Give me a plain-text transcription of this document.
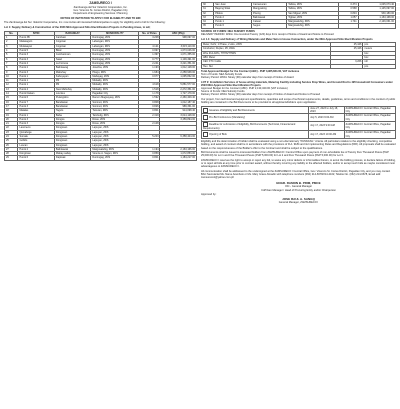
ZAMSURECO I
Zamboanga del Sur I Electric Cooperative, Inc.
Gov. Vicencio St. Cortes District, Pagadian City
Department of Engineering Services / Planning
NOTICE OF INVITATION TO APPLY FOR ELIGIBILITY AND TO BID
The Zamboanga del Sur I Electric Cooperative, Inc. now invites all interested bidders/parties to apply for eligibility and to bid for the following:
Lot 1: Supply, Delivery & Construction of the 2023 NEA Approved Sitio Electrification Projects in Pending Areas, to wit;
No.	SITIO	BARANGAY	MUNICIPALITY	No. of Poles	ABC (Php)
1	Purok 3B	Cambasi	Dumingag, ZDS	3.208	998,097.00
2	Malasaguin	Cogonan	Labangan, ZDS		
3	Mulawayan	Cogonan	Labangan, ZDS	4.121	3,615,110.00
4	Purok 5	Bikal	Dumingag, ZDS	0.997	1,673,046.00
5	Purok 3	Guinbaronan	Dumingag, ZDS	1.397	1,071,355.00
6	Purok 3	Saad	Dumingag, ZDS	0.777	1,109,491.00
7	Purok 4	La Fortuna	Dumingag, ZDS	2.241	3,221,351.00
8	Purok 2	Balintawag	Josefina, ZDS	1.193	1,612,128.00
9	Purok 3	Mabuhay	Pitogo, ZDS	1.684	2,258,938.00
10	Purok 1	Kabuyayan	Mahayag, ZDS	0.977	1,095,862.00
11	Purok 1	Pili	Midsalip, ZDS		
12	Purok 1	Pili	Midsalip, ZDS	4.618	5,881,577.00
13	Purok 4	New Mabuhay	Midsalip, ZDS	1.518	2,272,351.00
14	Purok Daisan	Lourdes	Pagadian City	1.178	1,727,179.00
15	Purok 6	Pulanglubo	Ramon Magsaysay, ZDS	1.592	2,460,409.40
16	Purok 7	Bandtacan	Sominot, ZDS	0.808	1,012,187.40
17	Purok 3	Bandtacan	Sominot, ZDS	0.826	989,361.00
18	Matalas	Tagulo	Tukuran, ZDS	0.801	914,098.40
19	Purok 1	Baba	Tambulig, ZDS	2.319	3,014,128.00
20	Purok 3	Dongos	Dinas, ZDS		3,459,894.00
21	Purok 3	Dongos	Dinas, ZDS	2.108	
22	Lanoneco	Dongosan	Lapuyan, ZDS		
23	Quinaboge	Dongosan	Lapuyan, ZDS		
24	Sumale	Dongosan	Lapuyan, ZDS	5.203	6,358,404.00
25	Gollido	Dongosan	Lapuyan, ZDS		
26	Luscan	Dongosan	Lapuyan, ZDS		
27	Purok 2	Balintawak	Margosatubig, ZDS	1.194	2,163,166.00
28	Dongiman	Mabay-sabay	Vicente A. Sagun, ZDS	0.859	1,072,853.00
29	Purok 6	Dapiwak	Dumingag, ZDS	0.801	1,184,217.00
30	San Juan	Camanucan	Tabina, ZDS	0.374	1,045,073.40
31	Bagong Sikat	Mangyalong	Tabina, ZDS	0.568	1,145,097.00
32	Pilotos	Pisong	San Miguel, ZDS	0.804	930,180.00
33	Purok 2	Balintawak	Tigbao, ZDS	1.057	1,163,168.00
34	Purok 1	Caluan	Margosatubig, ZDS	1.741	2,146,061.00
35	Purok 6	Seguo	Margosatubig, ZDS		
SOURCE OF FUNDS: NEA SUBSIDY FUNDS
DELIVERY PERIOD: Within One Hundred Twenty (120) days from receipt of Notice of Award and Notice to Proceed
Lot 1.1: Supply and Delivery of Wiring Materials and Meter Sets in House Connection, under the NEA Approved Sitio Electrification Projects
Meter, Kwhr, 1 Phase, 2 wire, 230V	25,446	pcs
Conductor, Duplex, #6, AWG	25,446	meters
Wire #14 AWG, THHN/THWN		box
ABC Meter		box
CEC FTC Cable	3,266	roll
Hex. Nut		pcs
Total Approved Budget for the Contract (ABC) - PHP 3,965,824.00, VAT inclusive
Term of Funds: NEA Subsidy Funds
Delivery Period: Within Ninety (90) calendar days from receipt of Notice of Award
LOT 2: Installation Services of house wiring materials, Metering Facility including Service Drop Wires, and Ground Rod to 495 Household Consumers under 2023 NEA Approved Sitio Electrification Projects
Approved Budget for the Contract (ABC): PHP 2,133,340.00 (VAT inclusive)
Source of Funds: NEA Subsidy Funds
Delivery Period: Within Ninety (90) calendar days from receipt of Notice of Award and Notice to Proceed
Our project, from technical and equipment specifications, quantities and scope of technical requirements, details, guidelines, terms and conditions in the conduct of public bidding are contained in the Bid Documents to be provided to all applicants/bidders upon application.
Issuance of Eligibility and Bid Documents	June 27, 2023 to July 18, 2023	ZAMSURECO I Central Office, Pagadian City
Pre-Bid Conference (Mandatory)	July 5, 2023 9:00 AM	ZAMSURECO I Central Office, Pagadian City
Deadline for submission of Eligibility, Bid Documents (Technical, Financial and Requirements)	July 17, 2023 9:00 AM	ZAMSURECO I Central Office, Pagadian City
Opening of Bids	July 17, 2023 10:00 AM	ZAMSURECO I Central Office, Pagadian City
Eligibility and the determination of bidder shall be evaluated using a non-discretionary "PASS/FAIL" criteria. All particulars relative to the eligibility checking, competitive bidding, and award of contract shall be in accordance with the provisions of R.A. 9184 and its Implementing Rules and Regulations (IRR). All proposals shall be evaluated based on the responsiveness of the Bidder's offer to the Contract and shall be subject to the qualifications.
Bid Documents shall be issued to interested bidders from ZAMSURECO I Central Office upon payment of non-refundable fee of Twenty Five Thousand Pesos (PHP 25,000.00) for Lot 1 and Five Thousand Pesos (PHP 5,000.00) for Lot 2 and Five Thousand Pesos (PHP 5,000.00) for Lot 3.
ZAMSURECO I reserves the right to accept or reject any bid, to waive any minor defects or informalities therein, to annul the bidding process, to declare failure of bidding, or to reject all bids at any time prior to contract award, without thereby incurring any liability to the affected bidders, and/or to accept such bids as maybe considered most advantageous to ZAMSURECO I.
All communication shall be addressed to the undersigned at the ZAMSURECO I Central Office, Gov. Vicencio St. Cortes District, Pagadian City, and you may contact BAC Secretariat Ms. Name Arambulo or Ms. Mary Grace Almadin with telephone numbers (062) 214-6678/214-2102; Telefax No. (062) 214-6678, Email add: zamsureco1@yahoo.com.ph
ENGR. RAMON B. PRIM, PMCE
OIC - General Manager
CoP/Gen Manager / Head of Procuring Entity and/or Chairperson
Approved by:
JOSE RAUL A. SANGQ
General Manager, ZAMSURECO I
